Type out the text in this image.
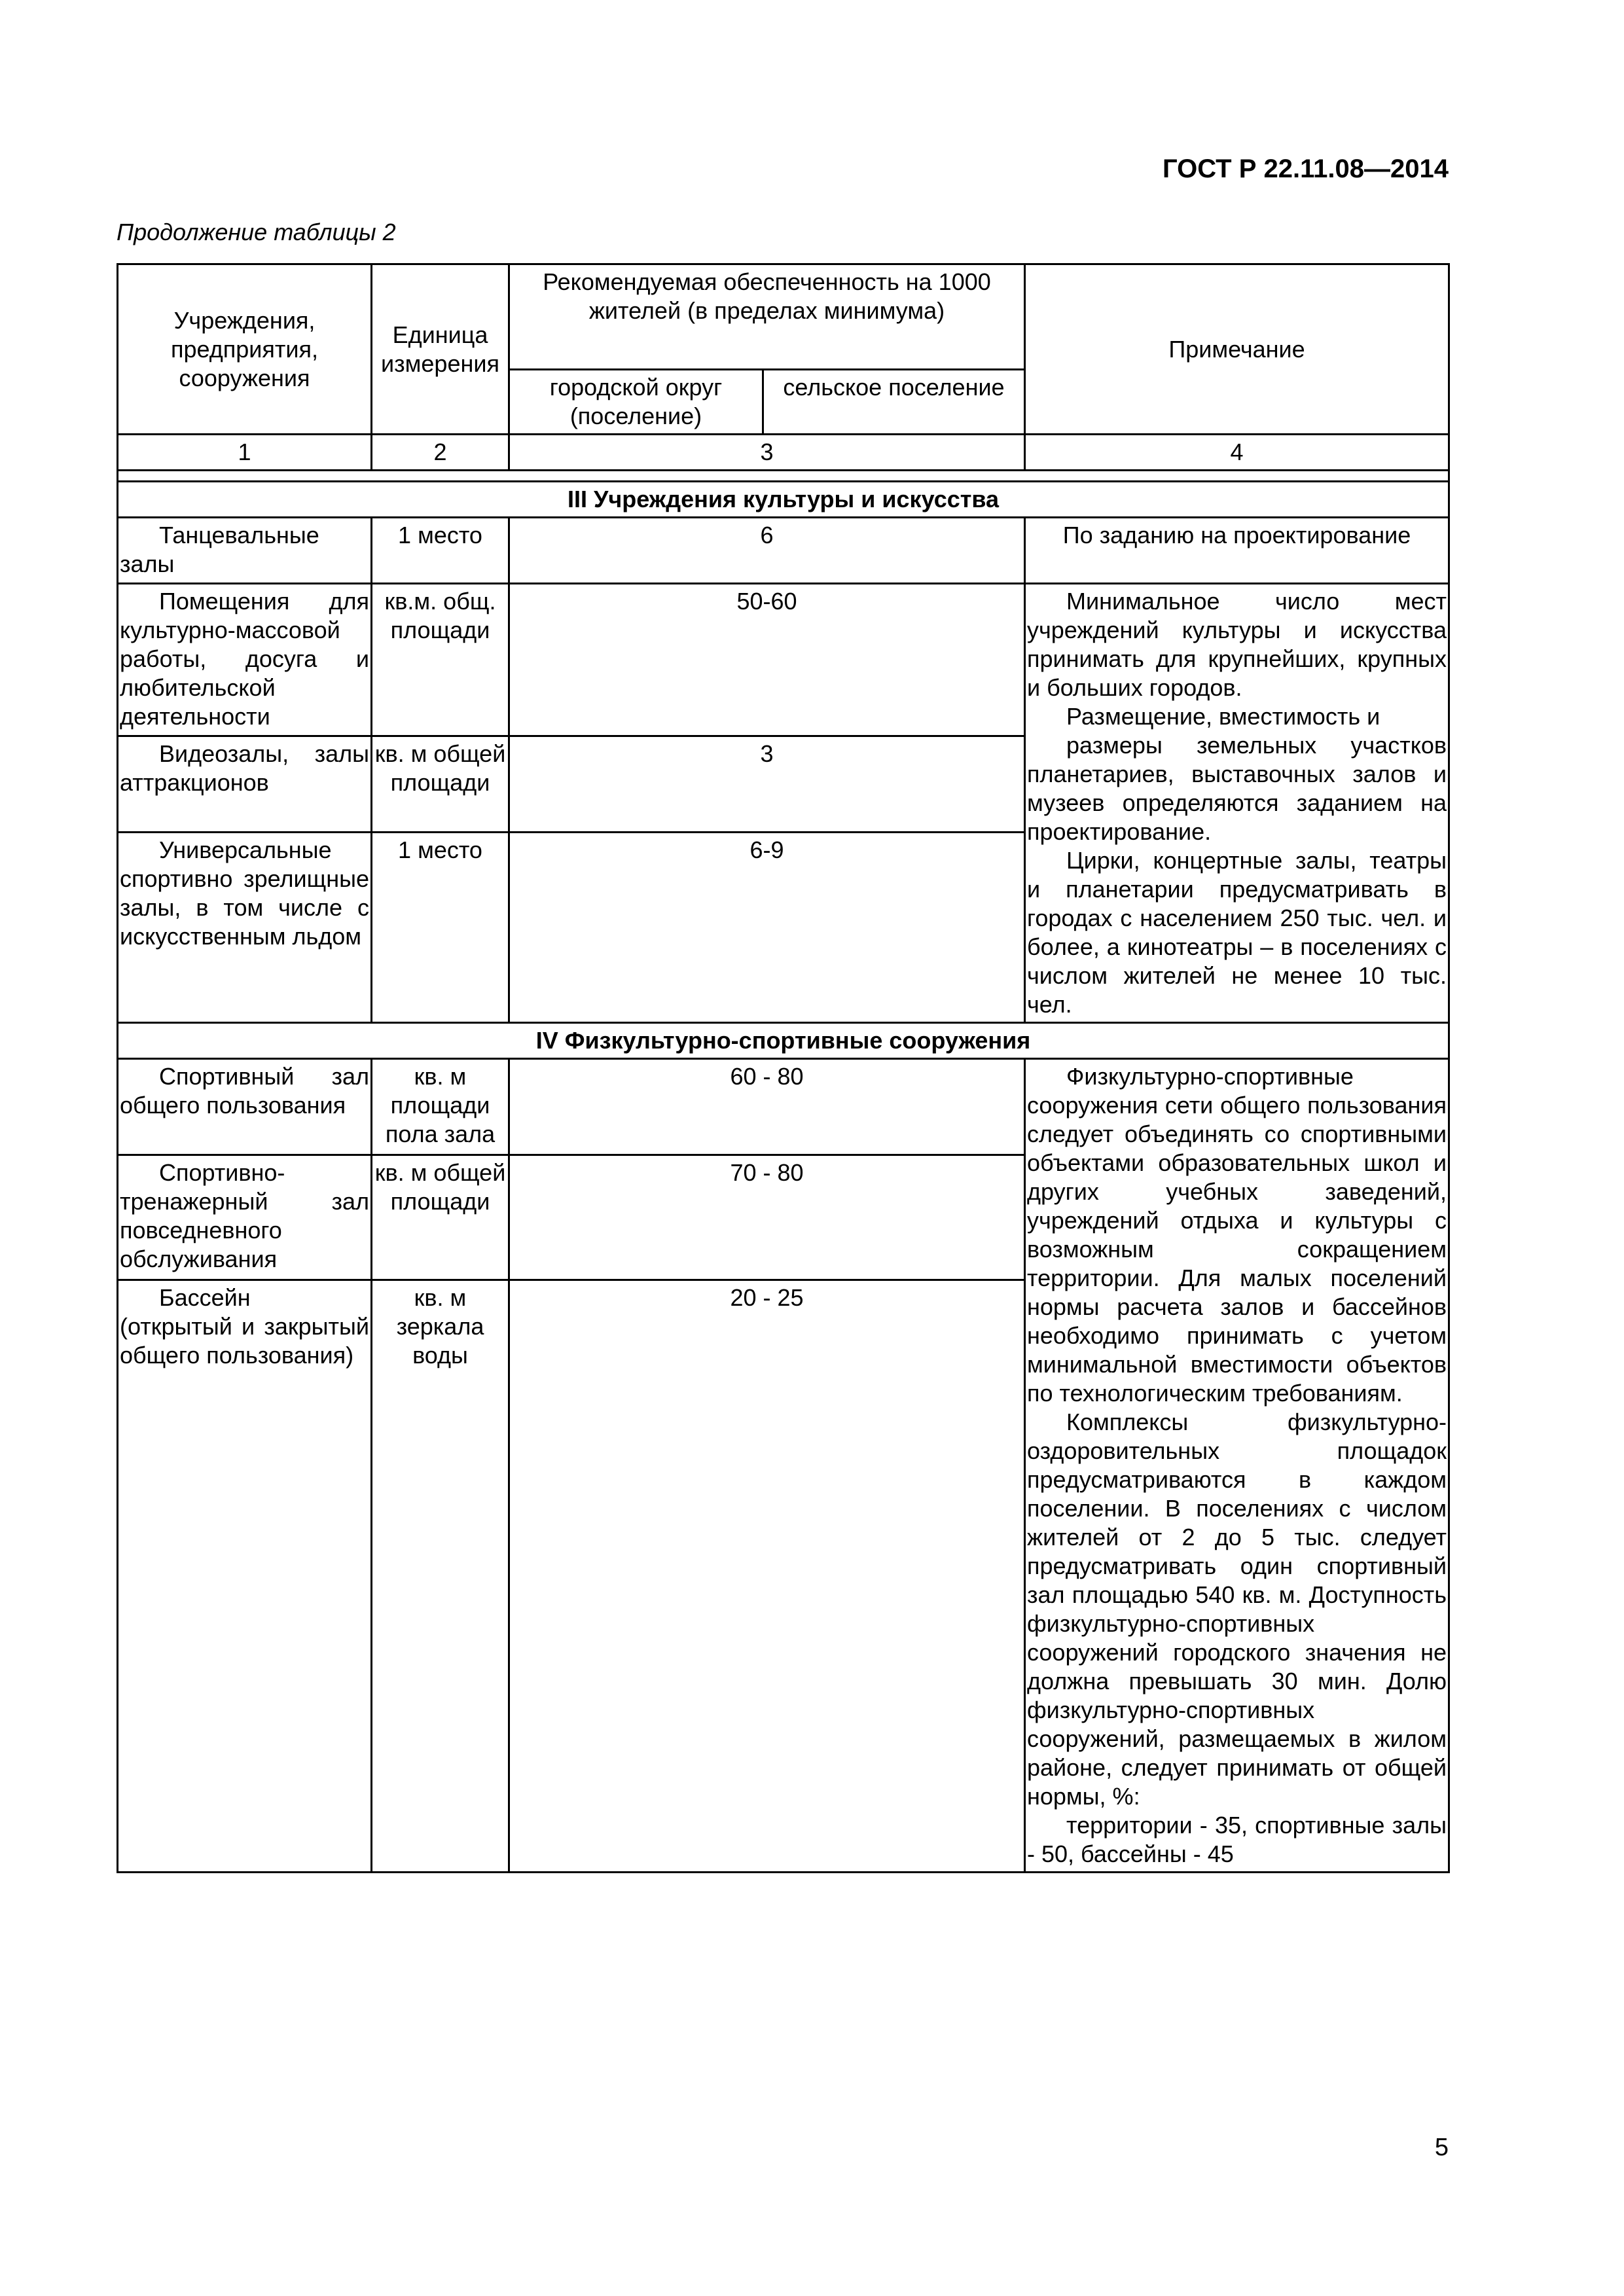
ГОСТ Р 22.11.08—2014
Продолжение таблицы 2
Учреждения, предприятия, сооружения	Единица измерения	Рекомендуемая обеспеченность на 1000 жителей (в пределах минимума)		Примечание
		городской округ (поселение)	сельское поселение	
1	2	3		4

III Учреждения культуры и искусства				
Танцевальные залы	1 место	6		По заданию на проектирование
Помещения для культурно-массовой работы, досуга и любительской деятельности	кв.м. общ. площади	50-60		Минимальное число мест учреждений культуры и искусства принимать для крупнейших, крупных и больших городов.

Размещение, вместимость и

размеры земельных участков планетариев, выставочных залов и музеев определяются заданием на проектирование.

Цирки, концертные залы, театры и планетарии предусматривать в городах с населением 250 тыс. чел. и более, а кинотеатры – в поселениях с числом жителей не менее 10 тыс. чел.

Видеозалы, залы аттракционов	кв. м общей площади	3		
Универсальные спортивно зрелищные залы, в том числе с искусственным льдом	1 место	6-9		
IV Физкультурно-спортивные сооружения				
Спортивный зал общего пользования	кв. м площади пола зала	60 - 80		Физкультурно-спортивные сооружения сети общего пользования следует объединять со спортивными объектами образовательных школ и других учебных заведений, учреждений отдыха и культуры с возможным сокращением территории. Для малых поселений нормы расчета залов и бассейнов необходимо принимать с учетом минимальной вместимости объектов по технологическим требованиям.

Комплексы физкультурно-оздоровительных площадок предусматриваются в каждом поселении. В поселениях с числом жителей от 2 до 5 тыс. следует предусматривать один спортивный зал площадью 540 кв. м. Доступность физкультурно-спортивных сооружений городского значения не должна превышать 30 мин. Долю физкультурно-спортивных сооружений, размещаемых в жилом районе, следует принимать от общей нормы, %:

территории - 35, спортивные залы - 50, бассейны - 45

Спортивно-тренажерный зал повседневного обслуживания	кв. м общей площади	70 - 80		
Бассейн (открытый и закрытый общего пользования)	кв. м зеркала воды	20 - 25		
5
